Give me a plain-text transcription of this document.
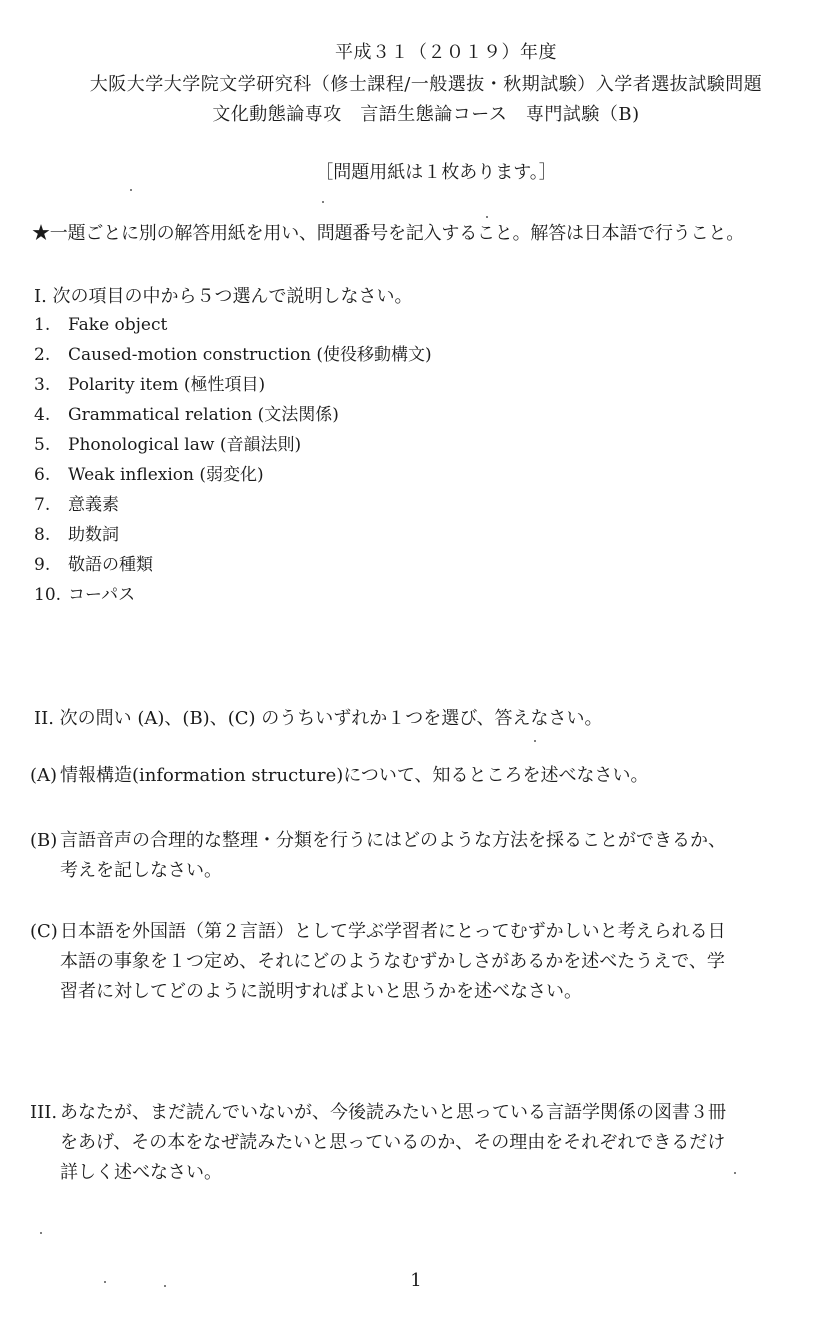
平成３１（２０１９）年度
大阪大学大学院文学研究科（修士課程/一般選抜・秋期試験）入学者選抜試験問題
文化動態論専攻　言語生態論コース　専門試験（B)
［問題用紙は１枚あります。］
★一題ごとに別の解答用紙を用い、問題番号を記入すること。解答は日本語で行うこと。
I. 次の項目の中から５つ選んで説明しなさい。
1. Fake object
2. Caused-motion construction (使役移動構文)
3. Polarity item (極性項目)
4. Grammatical relation (文法関係)
5. Phonological law (音韻法則)
6. Weak inflexion (弱変化)
7. 意義素
8. 助数詞
9. 敬語の種類
10. コーパス
II. 次の問い (A)、(B)、(C) のうちいずれか１つを選び、答えなさい。
(A) 情報構造(information structure)について、知るところを述べなさい。
(B) 言語音声の合理的な整理・分類を行うにはどのような方法を採ることができるか、
考えを記しなさい。
(C) 日本語を外国語（第２言語）として学ぶ学習者にとってむずかしいと考えられる日
本語の事象を１つ定め、それにどのようなむずかしさがあるかを述べたうえで、学
習者に対してどのように説明すればよいと思うかを述べなさい。
III. あなたが、まだ読んでいないが、今後読みたいと思っている言語学関係の図書３冊
をあげ、その本をなぜ読みたいと思っているのか、その理由をそれぞれできるだけ
詳しく述べなさい。
1
